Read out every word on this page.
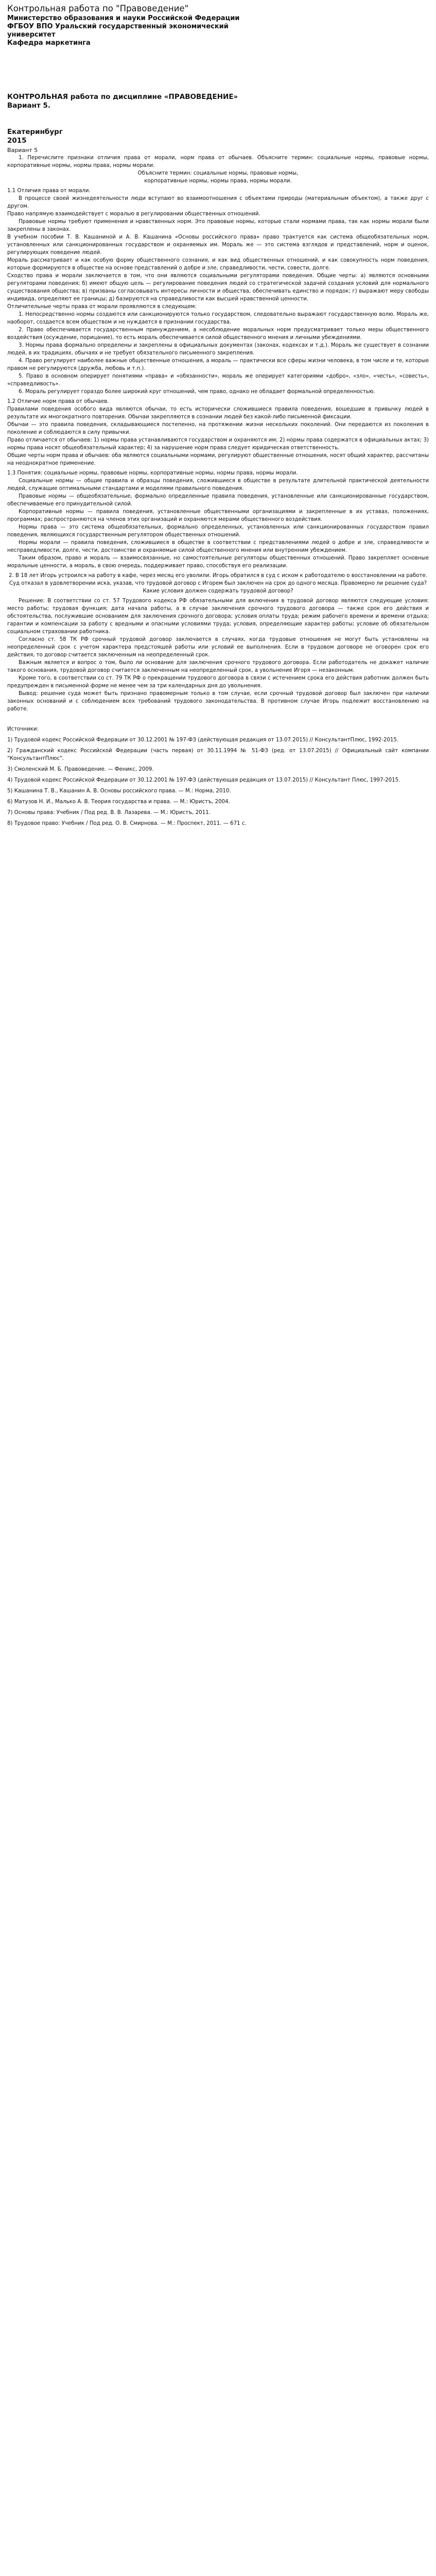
Контрольная работа по "Правоведение"

Министерство образования и науки Российской Федерации
ФГБОУ ВПО Уральский государственный экономический
университет
Кафедра маркетинга

КОНТРОЛЬНАЯ работа по дисциплине «ПРАВОВЕДЕНИЕ»

Вариант 5.

Екатеринбург
2015
Вариант 5

1. Перечислите признаки отличия права от морали, норм права от обычаев. Объясните термин: социальные нормы, правовые нормы, корпоративные нормы, нормы права, нормы морали.

Объясните термин: социальные нормы, правовые нормы,

корпоративные нормы, нормы права, нормы морали.

1.1 Отличия права от морали.

В процессе своей жизнедеятельности люди вступают во взаимоотношения с объектами природы (материальным объектом), а также друг с другом.

Право напрямую взаимодействует с моралью в регулировании общественных отношений.

Правовые нормы требуют применения и нравственных норм. Это правовые нормы, которые стали нормами права, так как нормы морали были закреплены в законах.

В учебном пособии Т. В. Кашаниной и А. В. Кашанина «Основы российского права» право трактуется как система общеобязательных норм, установленных или санкционированных государством и охраняемых им. Мораль же — это система взглядов и представлений, норм и оценок, регулирующих поведение людей.

Мораль рассматривает и как особую форму общественного сознания, и как вид общественных отношений, и как совокупность норм поведения, которые формируются в обществе на основе представлений о добре и зле, справедливости, чести, совести, долге.

Сходство права и морали заключается в том, что они являются социальными регуляторами поведения. Общие черты: а) являются основными регуляторами поведения; б) имеют общую цель — регулирование поведения людей со стратегической задачей создания условий для нормального существования общества; в) призваны согласовывать интересы личности и общества, обеспечивать единство и порядок; г) выражают меру свободы индивида, определяют ее границы; д) базируются на справедливости как высшей нравственной ценности.

Отличительные черты права от морали проявляются в следующем:

1. Непосредственно нормы создаются или санкционируются только государством, следовательно выражают государственную волю. Мораль же, наоборот, создается всем обществом и не нуждается в признании государства.

2. Право обеспечивается государственным принуждением, а несоблюдение моральных норм предусматривает только меры общественного воздействия (осуждение, порицание), то есть мораль обеспечивается силой общественного мнения и личными убеждениями.

3. Нормы права формально определены и закреплены в официальных документах (законах, кодексах и т.д.). Мораль же существует в сознании людей, в их традициях, обычаях и не требует обязательного письменного закрепления.

4. Право регулирует наиболее важные общественные отношения, а мораль — практически все сферы жизни человека, в том числе и те, которые правом не регулируются (дружба, любовь и т.п.).

5. Право в основном оперирует понятиями «права» и «обязанности», мораль же оперирует категориями «добро», «зло», «честь», «совесть», «справедливость».

6. Мораль регулирует гораздо более широкий круг отношений, чем право, однако не обладает формальной определенностью.

1.2 Отличие норм права от обычаев.

Правилами поведения особого вида являются обычаи, то есть исторически сложившиеся правила поведения, вошедшие в привычку людей в результате их многократного повторения. Обычаи закрепляются в сознании людей без какой-либо письменной фиксации.

Обычаи — это правила поведения, складывающиеся постепенно, на протяжении жизни нескольких поколений. Они передаются из поколения в поколение и соблюдаются в силу привычки.

Право отличается от обычаев: 1) нормы права устанавливаются государством и охраняются им; 2) нормы права содержатся в официальных актах; 3) нормы права носят общеобязательный характер; 4) за нарушение норм права следует юридическая ответственность.

Общие черты норм права и обычаев: оба являются социальными нормами, регулируют общественные отношения, носят общий характер, рассчитаны на неоднократное применение.

1.3 Понятия: социальные нормы, правовые нормы, корпоративные нормы, нормы права, нормы морали.

Социальные нормы — общие правила и образцы поведения, сложившиеся в обществе в результате длительной практической деятельности людей, служащие оптимальными стандартами и моделями правильного поведения.

Правовые нормы — общеобязательные, формально определенные правила поведения, установленные или санкционированные государством, обеспечиваемые его принудительной силой.

Корпоративные нормы — правила поведения, установленные общественными организациями и закрепленные в их уставах, положениях, программах; распространяются на членов этих организаций и охраняются мерами общественного воздействия.

Нормы права — это система общеобязательных, формально определенных, установленных или санкционированных государством правил поведения, являющихся государственным регулятором общественных отношений.

Нормы морали — правила поведения, сложившиеся в обществе в соответствии с представлениями людей о добре и зле, справедливости и несправедливости, долге, чести, достоинстве и охраняемые силой общественного мнения или внутренним убеждением.

Таким образом, право и мораль — взаимосвязанные, но самостоятельные регуляторы общественных отношений. Право закрепляет основные моральные ценности, а мораль, в свою очередь, поддерживает право, способствуя его реализации.

2. В 18 лет Игорь устроился на работу в кафе, через месяц его уволили. Игорь обратился в суд с иском к работодателю о восстановлении на работе. Суд отказал в удовлетворении иска, указав, что трудовой договор с Игорем был заключен на срок до одного месяца. Правомерно ли решение суда? Какие условия должен содержать трудовой договор?

Решение: В соответствии со ст. 57 Трудового кодекса РФ обязательными для включения в трудовой договор являются следующие условия: место работы; трудовая функция; дата начала работы, а в случае заключения срочного трудового договора — также срок его действия и обстоятельства, послужившие основанием для заключения срочного договора; условия оплаты труда; режим рабочего времени и времени отдыха; гарантии и компенсации за работу с вредными и опасными условиями труда; условия, определяющие характер работы; условие об обязательном социальном страховании работника.

Согласно ст. 58 ТК РФ срочный трудовой договор заключается в случаях, когда трудовые отношения не могут быть установлены на неопределенный срок с учетом характера предстоящей работы или условий ее выполнения. Если в трудовом договоре не оговорен срок его действия, то договор считается заключенным на неопределенный срок.

Важным является и вопрос о том, было ли основание для заключения срочного трудового договора. Если работодатель не докажет наличие такого основания, трудовой договор считается заключенным на неопределенный срок, а увольнение Игоря — незаконным.

Кроме того, в соответствии со ст. 79 ТК РФ о прекращении трудового договора в связи с истечением срока его действия работник должен быть предупрежден в письменной форме не менее чем за три календарных дня до увольнения.

Вывод: решение суда может быть признано правомерным только в том случае, если срочный трудовой договор был заключен при наличии законных оснований и с соблюдением всех требований трудового законодательства. В противном случае Игорь подлежит восстановлению на работе.

Источники:

1) Трудовой кодекс Российской Федерации от 30.12.2001 № 197-ФЗ (действующая редакция от 13.07.2015) // КонсультантПлюс, 1992-2015.

2) Гражданский кодекс Российской Федерации (часть первая) от 30.11.1994 № 51-ФЗ (ред. от 13.07.2015) // Официальный сайт компании "КонсультантПлюс".

3) Смоленский М. Б. Правоведение. — Феникс, 2009.

4) Трудовой кодекс Российской Федерации от 30.12.2001 № 197-ФЗ (действующая редакция от 13.07.2015) // Консультант Плюс, 1997-2015.

5) Кашанина Т. В., Кашанин А. В. Основы российского права. — М.: Норма, 2010.

6) Матузов Н. И., Малько А. В. Теория государства и права. — М.: Юристъ, 2004.

7) Основы права: Учебник / Под ред. В. В. Лазарева. — М.: Юристъ, 2011.

8) Трудовое право: Учебник / Под ред. О. В. Смирнова. — М.: Проспект, 2011. — 671 с.
